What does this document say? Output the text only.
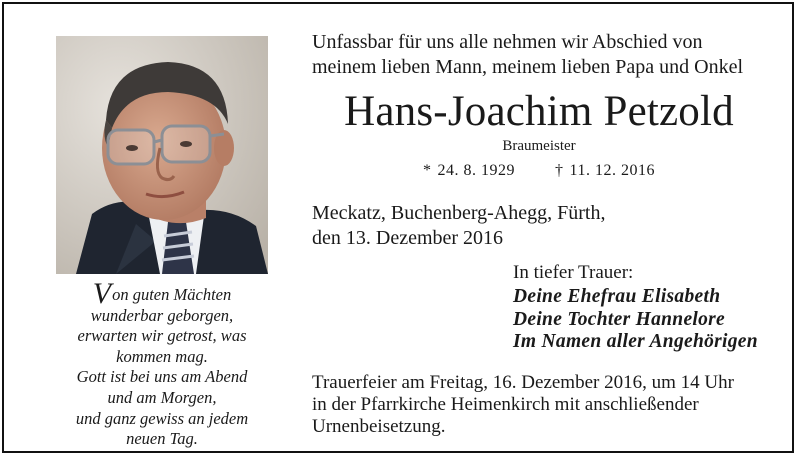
Von guten Mächten
wunderbar geborgen,
erwarten wir getrost, was
kommen mag.
Gott ist bei uns am Abend
und am Morgen,
und ganz gewiss an jedem
neuen Tag.
Unfassbar für uns alle nehmen wir Abschied von
meinem lieben Mann, meinem lieben Papa und Onkel
Hans-Joachim Petzold
Braumeister
* 24. 8. 1929	† 11. 12. 2016
Meckatz, Buchenberg-Ahegg, Fürth,
den 13. Dezember 2016
In tiefer Trauer:
Deine Ehefrau Elisabeth
Deine Tochter Hannelore
Im Namen aller Angehörigen
Trauerfeier am Freitag, 16. Dezember 2016, um 14 Uhr
in der Pfarrkirche Heimenkirch mit anschließender
Urnenbeisetzung.
